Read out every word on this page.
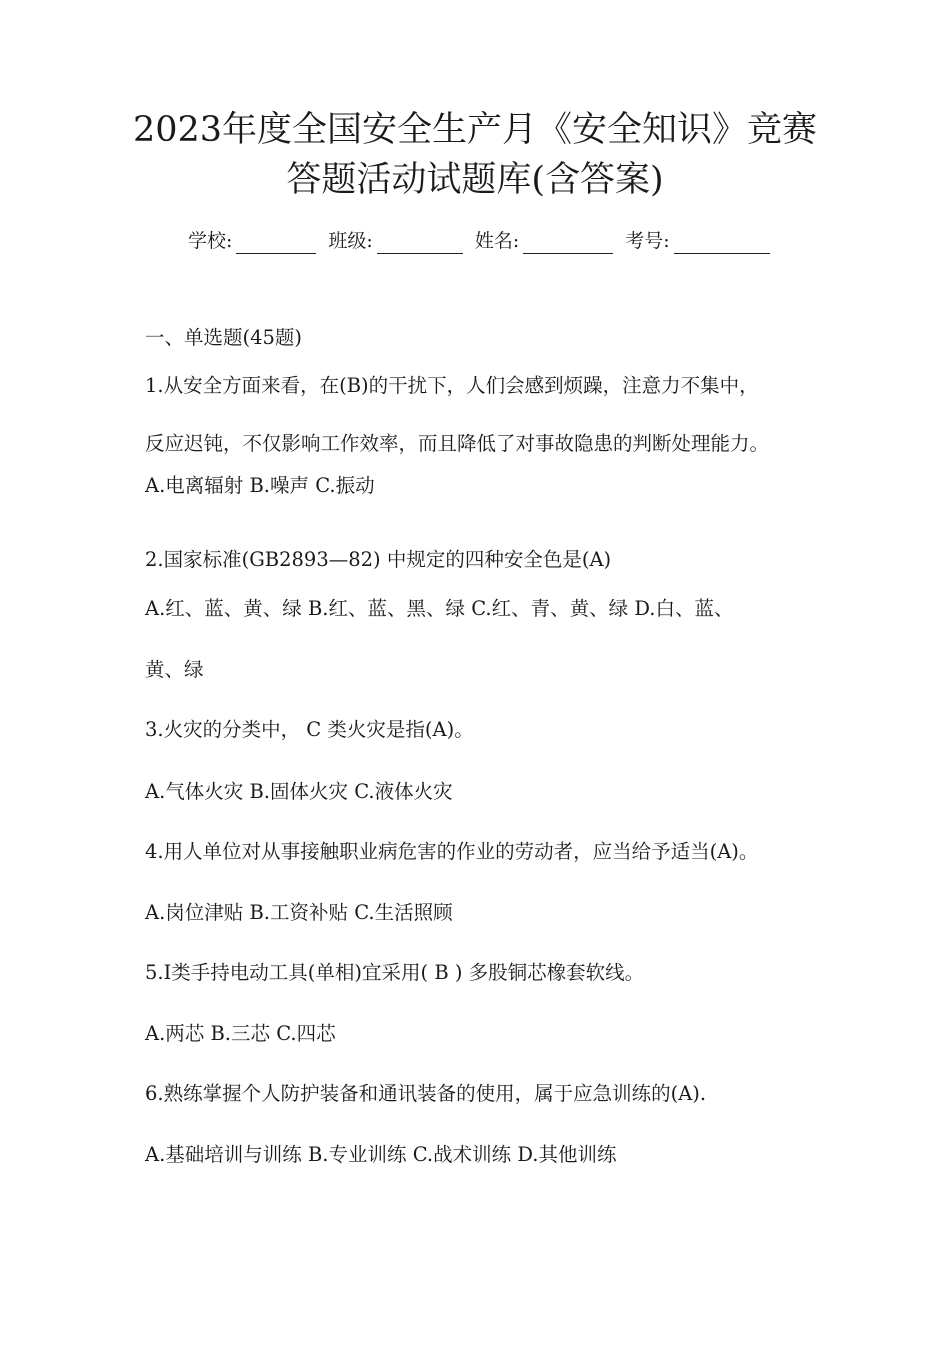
2023年度全国安全生产月《安全知识》竞赛
答题活动试题库(含答案)
学校:	班级:	姓名:	考号:

一、单选题(45题)

1.从安全方面来看，在(B)的干扰下，人们会感到烦躁，注意力不集中，

反应迟钝，不仅影响工作效率，而且降低了对事故隐患的判断处理能力。

A.电离辐射 B.噪声 C.振动

2.国家标准(GB2893—82) 中规定的四种安全色是(A)

A.红、蓝、黄、绿 B.红、蓝、黑、绿 C.红、青、黄、绿 D.白、蓝、

黄、绿

3.火灾的分类中， C 类火灾是指(A)。

A.气体火灾 B.固体火灾 C.液体火灾

4.用人单位对从事接触职业病危害的作业的劳动者，应当给予适当(A)。

A.岗位津贴 B.工资补贴 C.生活照顾

5.I类手持电动工具(单相)宜采用( B ) 多股铜芯橡套软线。

A.两芯 B.三芯 C.四芯

6.熟练掌握个人防护装备和通讯装备的使用，属于应急训练的(A).

A.基础培训与训练 B.专业训练 C.战术训练 D.其他训练
